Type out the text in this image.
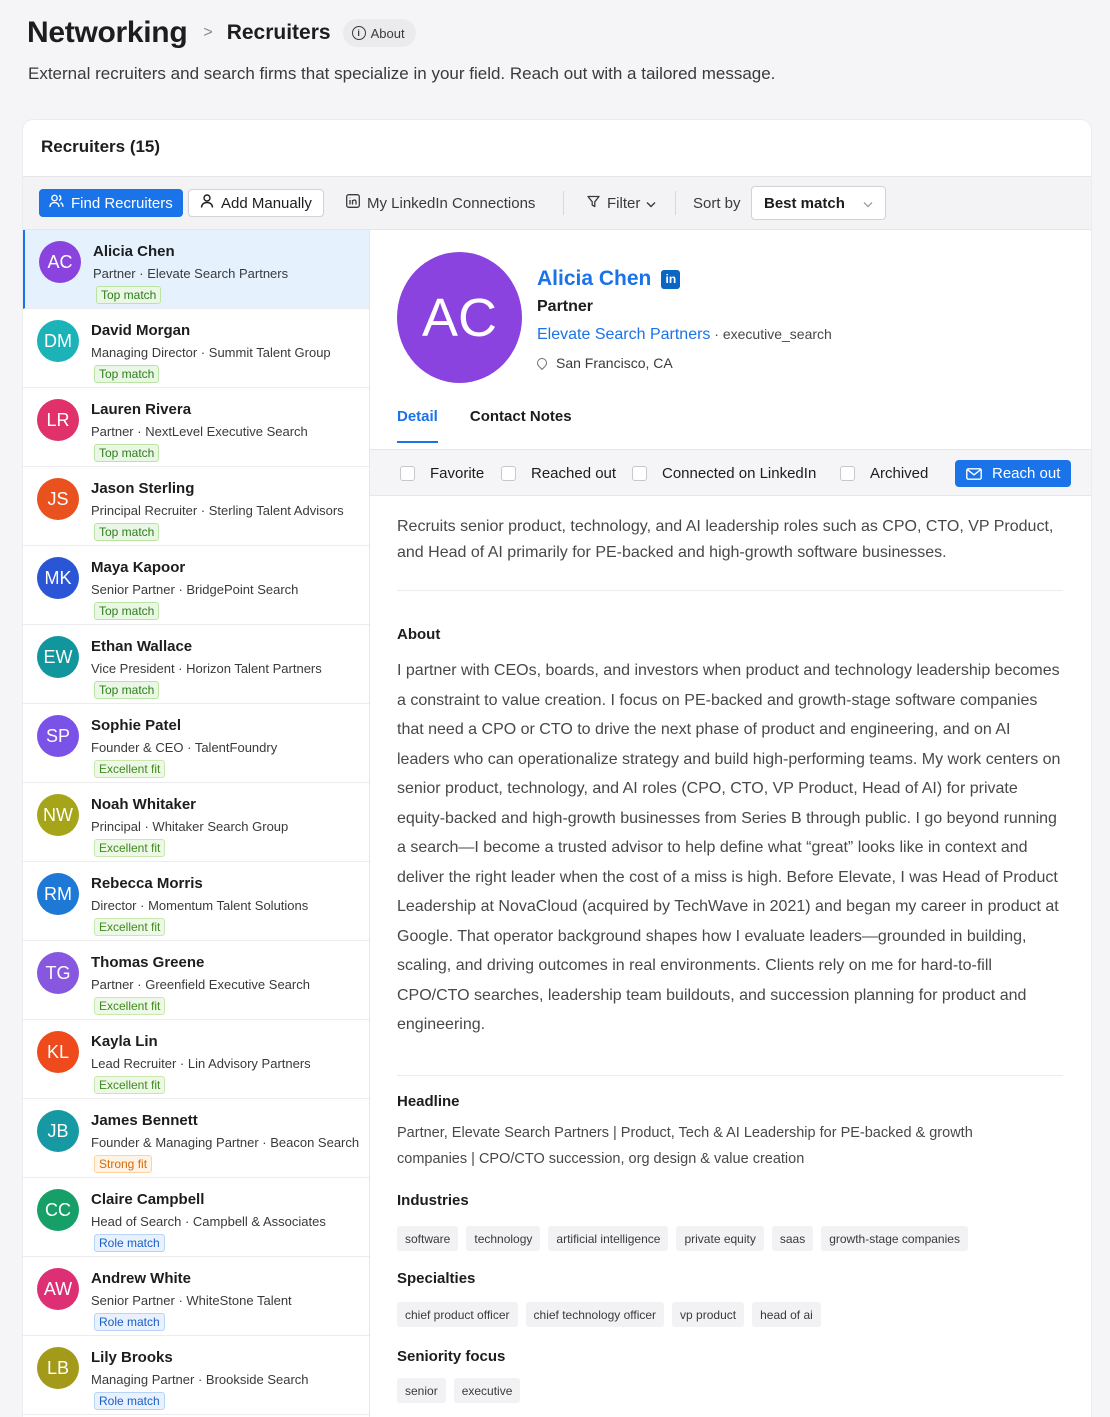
Networking > Recruiters	i About
External recruiters and search firms that specialize in your field. Reach out with a tailored message.
Recruiters (15)
Find Recruiters	Add Manually	My LinkedIn Connections	Filter	Sort by Best match
AC	Alicia Chen
Partner · Elevate Search Partners
Top match
DM	David Morgan
Managing Director · Summit Talent Group
Top match
LR	Lauren Rivera
Partner · NextLevel Executive Search
Top match
JS	Jason Sterling
Principal Recruiter · Sterling Talent Advisors
Top match
MK	Maya Kapoor
Senior Partner · BridgePoint Search
Top match
EW	Ethan Wallace
Vice President · Horizon Talent Partners
Top match
SP	Sophie Patel
Founder & CEO · TalentFoundry
Excellent fit
NW	Noah Whitaker
Principal · Whitaker Search Group
Excellent fit
RM	Rebecca Morris
Director · Momentum Talent Solutions
Excellent fit
TG	Thomas Greene
Partner · Greenfield Executive Search
Excellent fit
KL	Kayla Lin
Lead Recruiter · Lin Advisory Partners
Excellent fit
JB	James Bennett
Founder & Managing Partner · Beacon Search
Strong fit
CC	Claire Campbell
Head of Search · Campbell & Associates
Role match
AW	Andrew White
Senior Partner · WhiteStone Talent
Role match
LB	Lily Brooks
Managing Partner · Brookside Search
Role match
AC
Alicia Chen	in
Partner
Elevate Search Partners · executive_search
San Francisco, CA
Detail Contact Notes
Favorite	Reached out	Connected on LinkedIn	Archived	Reach out
Recruits senior product, technology, and AI leadership roles such as CPO, CTO, VP Product, and Head of AI primarily for PE-backed and high-growth software businesses.
About
I partner with CEOs, boards, and investors when product and technology leadership becomes a constraint to value creation. I focus on PE-backed and growth-stage software companies that need a CPO or CTO to drive the next phase of product and engineering, and on AI leaders who can operationalize strategy and build high-performing teams. My work centers on senior product, technology, and AI roles (CPO, CTO, VP Product, Head of AI) for private equity-backed and high-growth businesses from Series B through public. I go beyond running a search—I become a trusted advisor to help define what “great” looks like in context and deliver the right leader when the cost of a miss is high. Before Elevate, I was Head of Product Leadership at NovaCloud (acquired by TechWave in 2021) and began my career in product at Google. That operator background shapes how I evaluate leaders—grounded in building, scaling, and driving outcomes in real environments. Clients rely on me for hard-to-fill CPO/CTO searches, leadership team buildouts, and succession planning for product and engineering.
Headline
Partner, Elevate Search Partners | Product, Tech & AI Leadership for PE-backed & growth companies | CPO/CTO succession, org design & value creation
Industries
software	technology	artificial intelligence	private equity	saas	growth-stage companies
Specialties
chief product officer	chief technology officer	vp product	head of ai
Seniority focus
senior	executive
